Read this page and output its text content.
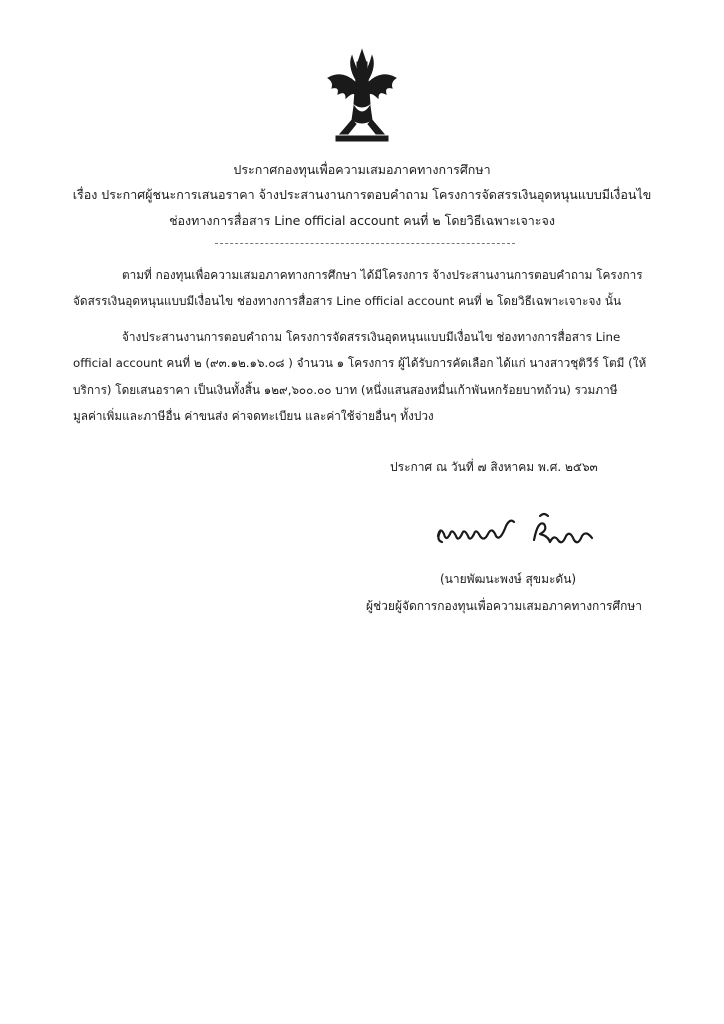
ประกาศกองทุนเพื่อความเสมอภาคทางการศึกษา
เรื่อง ประกาศผู้ชนะการเสนอราคา จ้างประสานงานการตอบคำถาม โครงการจัดสรรเงินอุดหนุนแบบมีเงื่อนไข
ช่องทางการสื่อสาร Line official account คนที่ ๒ โดยวิธีเฉพาะเจาะจง
ตามที่ กองทุนเพื่อความเสมอภาคทางการศึกษา ได้มีโครงการ จ้างประสานงานการตอบคำถาม โครงการ
จัดสรรเงินอุดหนุนแบบมีเงื่อนไข ช่องทางการสื่อสาร Line official account คนที่ ๒ โดยวิธีเฉพาะเจาะจง นั้น
จ้างประสานงานการตอบคำถาม โครงการจัดสรรเงินอุดหนุนแบบมีเงื่อนไข ช่องทางการสื่อสาร Line
official account คนที่ ๒ (๙๓.๑๒.๑๖.๐๘ ) จำนวน ๑ โครงการ ผู้ได้รับการคัดเลือก ได้แก่ นางสาวชุติวีร์ โตมี (ให้
บริการ) โดยเสนอราคา เป็นเงินทั้งสิ้น ๑๒๙,๖๐๐.๐๐ บาท (หนึ่งแสนสองหมื่นเก้าพันหกร้อยบาทถ้วน) รวมภาษี
มูลค่าเพิ่มและภาษีอื่น ค่าขนส่ง ค่าจดทะเบียน และค่าใช้จ่ายอื่นๆ ทั้งปวง
ประกาศ ณ วันที่ ๗ สิงหาคม พ.ศ. ๒๕๖๓
(นายพัฒนะพงษ์ สุขมะดัน)
ผู้ช่วยผู้จัดการกองทุนเพื่อความเสมอภาคทางการศึกษา
